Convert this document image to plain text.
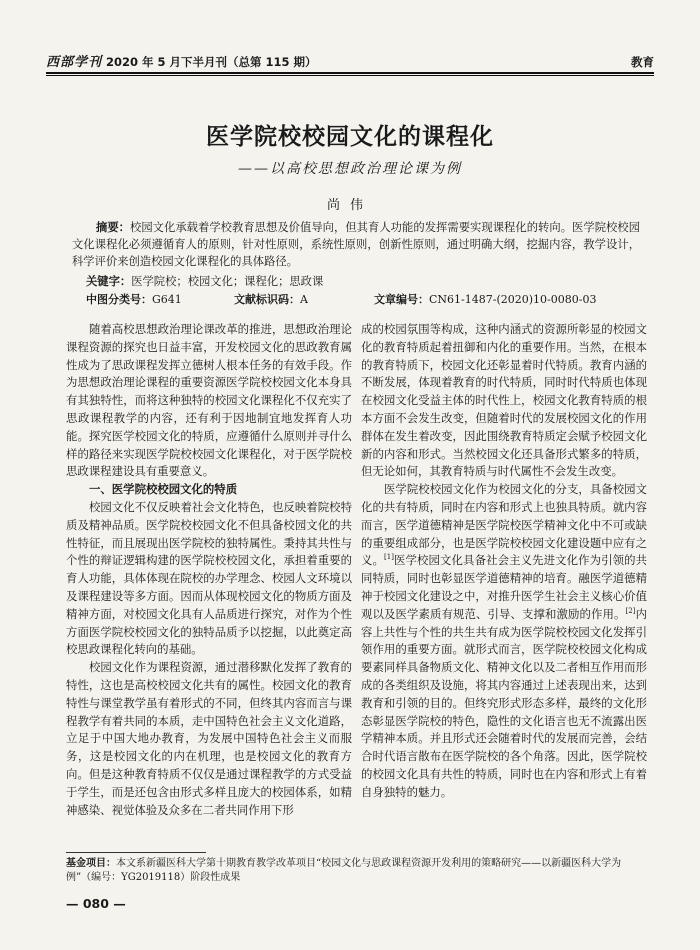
西部学刊 2020 年 5 月下半月刊（总第 115 期）	教育
医学院校校园文化的课程化
——以高校思想政治理论课为例
尚伟
摘要：校园文化承载着学校教育思想及价值导向，但其育人功能的发挥需要实现课程化的转向。医学院校校园文化课程化必须遵循育人的原则，针对性原则，系统性原则，创新性原则，通过明确大纲，挖掘内容，教学设计，科学评价来创造校园文化课程化的具体路径。
关键字：医学院校；校园文化；课程化；思政课
中图分类号：G641	文献标识码：A	文章编号：CN61-1487-(2020)10-0080-03

随着高校思想政治理论课改革的推进，思想政治理论课程资源的探究也日益丰富，开发校园文化的思政教育属性成为了思政课程发挥立德树人根本任务的有效手段。作为思想政治理论课程的重要资源医学院校校园文化本身具有其独特性，而将这种独特的校园文化课程化不仅充实了思政课程教学的内容，还有利于因地制宜地发挥育人功能。探究医学校园文化的特质，应遵循什么原则并寻什么样的路径来实现医学院校校园文化课程化，对于医学院校思政课程建设具有重要意义。

一、医学院校校园文化的特质

校园文化不仅反映着社会文化特色，也反映着院校特质及精神品质。医学院校校园文化不但具备校园文化的共性特征，而且展现出医学院校的独特属性。秉持其共性与个性的辩证逻辑构建的医学院校校园文化，承担着重要的育人功能，具体体现在院校的办学理念、校园人文环境以及课程建设等多方面。因而从体现校园文化的物质方面及精神方面，对校园文化具有人品质进行探究，对作为个性方面医学院校校园文化的独特品质予以挖掘，以此奠定高校思政课程化转向的基础。

校园文化作为课程资源，通过潜移默化发挥了教育的特性，这也是高校校园文化共有的属性。校园文化的教育特性与课堂教学虽有着形式的不同，但终其内容而言与课程教学有着共同的本质，走中国特色社会主义文化道路，立足于中国大地办教育，为发展中国特色社会主义而服务，这是校园文化的内在机理，也是校园文化的教育方向。但是这种教育特质不仅仅是通过课程教学的方式受益于学生，而是还包含由形式多样且庞大的校园体系，如精神感染、视觉体验及众多在二者共同作用下形

成的校园氛围等构成，这种内涵式的资源所彰显的校园文化的教育特质起着扭御和内化的重要作用。当然，在根本的教育特质下，校园文化还彰显着时代特质。教育内涵的不断发展，体现着教育的时代特质，同时时代特质也体现在校园文化受益主体的时代性上，校园文化教育特质的根本方面不会发生改变，但随着时代的发展校园文化的作用群体在发生着改变，因此围绕教育特质定会赋予校园文化新的内容和形式。当然校园文化还具备形式繁多的特质，但无论如何，其教育特质与时代属性不会发生改变。

医学院校校园文化作为校园文化的分支，具备校园文化的共有特质，同时在内容和形式上也独具特质。就内容而言，医学道德精神是医学院校医学精神文化中不可或缺的重要组成部分，也是医学院校校园文化建设题中应有之义。[1]医学校园文化具备社会主义先进文化作为引领的共同特质，同时也彰显医学道德精神的培育。融医学道德精神于校园文化建设之中，对推升医学生社会主义核心价值观以及医学素质有规范、引导、支撑和激励的作用。[2]内容上共性与个性的共生共有成为医学院校校园文化发挥引领作用的重要方面。就形式而言，医学院校校园文化构成要素同样具备物质文化、精神文化以及二者相互作用而形成的各类组织及设施，将其内容通过上述表现出来，达到教育和引领的目的。但终究形式形态多样，最终的文化形态彰显医学院校的特色，隐性的文化语言也无不流露出医学精神本质。并且形式还会随着时代的发展而完善，会结合时代语言散布在医学院校的各个角落。因此，医学院校的校园文化具有共性的特质，同时也在内容和形式上有着自身独特的魅力。

基金项目：本文系新疆医科大学第十期教育教学改革项目“校园文化与思政课程资源开发利用的策略研究——以新疆医科大学为例”（编号：YG2019118）阶段性成果
— 080 —
